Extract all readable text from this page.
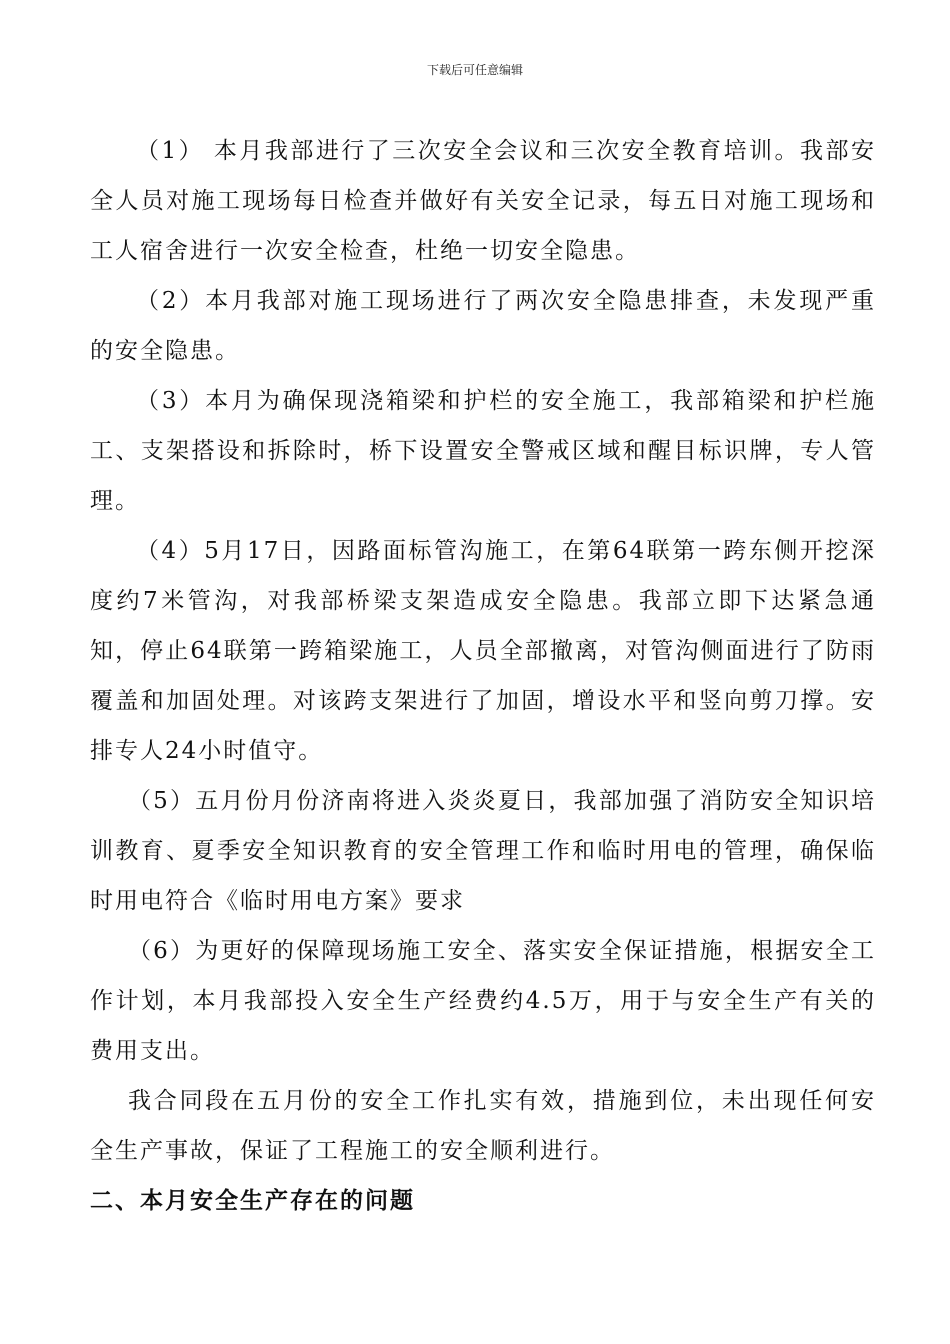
下载后可任意编辑

（1） 本月我部进行了三次安全会议和三次安全教育培训。我部安全人员对施工现场每日检查并做好有关安全记录，每五日对施工现场和工人宿舍进行一次安全检查，杜绝一切安全隐患。

（2）本月我部对施工现场进行了两次安全隐患排查，未发现严重的安全隐患。

（3）本月为确保现浇箱梁和护栏的安全施工，我部箱梁和护栏施工、支架搭设和拆除时，桥下设置安全警戒区域和醒目标识牌，专人管理。

（4）5月17日，因路面标管沟施工，在第64联第一跨东侧开挖深度约7米管沟，对我部桥梁支架造成安全隐患。我部立即下达紧急通知，停止64联第一跨箱梁施工，人员全部撤离，对管沟侧面进行了防雨覆盖和加固处理。对该跨支架进行了加固，增设水平和竖向剪刀撑。安排专人24小时值守。

（5）五月份月份济南将进入炎炎夏日，我部加强了消防安全知识培训教育、夏季安全知识教育的安全管理工作和临时用电的管理，确保临时用电符合《临时用电方案》要求

（6）为更好的保障现场施工安全、落实安全保证措施，根据安全工作计划，本月我部投入安全生产经费约4.5万，用于与安全生产有关的费用支出。

我合同段在五月份的安全工作扎实有效，措施到位，未出现任何安全生产事故，保证了工程施工的安全顺利进行。

二、本月安全生产存在的问题
